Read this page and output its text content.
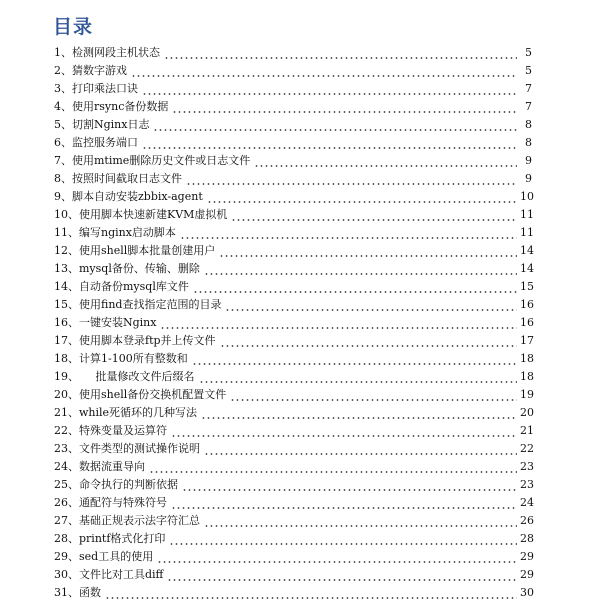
目录
1、检测网段主机状态	5
2、猜数字游戏	5
3、打印乘法口诀	7
4、使用rsync备份数据	7
5、切割Nginx日志	8
6、监控服务端口	8
7、使用mtime删除历史文件或日志文件	9
8、按照时间截取日志文件	9
9、脚本自动安装zbbix-agent	10
10、使用脚本快速新建KVM虚拟机	11
11、编写nginx启动脚本	11
12、使用shell脚本批量创建用户	14
13、mysql备份、传输、删除	14
14、自动备份mysql库文件	15
15、使用find查找指定范围的目录	16
16、一键安装Nginx	16
17、使用脚本登录ftp并上传文件	17
18、计算1-100所有整数和	18
19、　　批量修改文件后缀名	18
20、使用shell备份交换机配置文件	19
21、while死循环的几种写法	20
22、特殊变量及运算符	21
23、文件类型的测试操作说明	22
24、数据流重导向	23
25、命令执行的判断依据	23
26、通配符与特殊符号	24
27、基础正规表示法字符汇总	26
28、printf格式化打印	28
29、sed工具的使用	29
30、文件比对工具diff	29
31、函数	30
